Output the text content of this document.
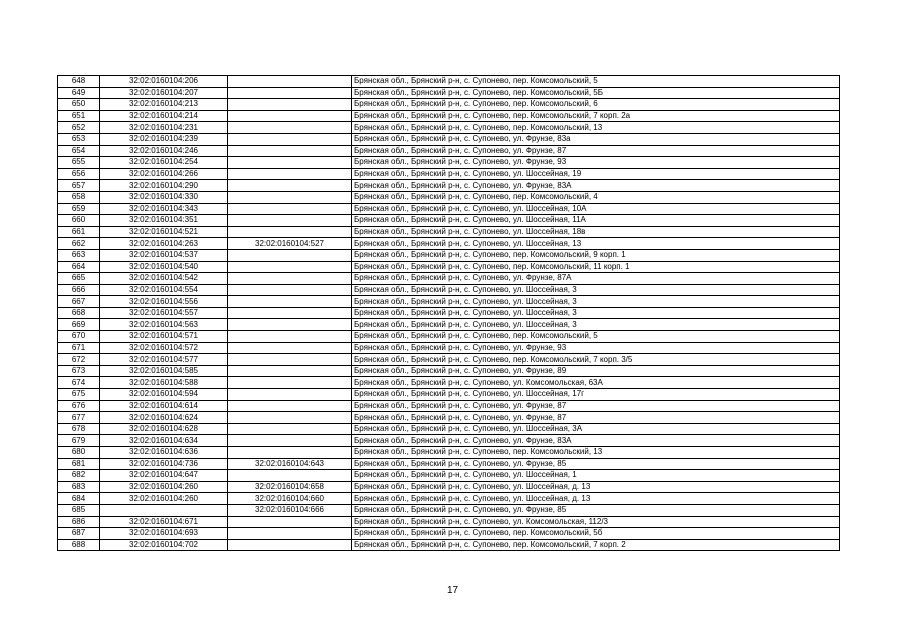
648	32:02:0160104:206		Брянская обл., Брянский р-н, с. Супонево, пер. Комсомольский, 5
649	32:02:0160104:207		Брянская обл., Брянский р-н, с. Супонево, пер. Комсомольский, 5Б
650	32:02:0160104:213		Брянская обл., Брянский р-н, с. Супонево, пер. Комсомольский, 6
651	32:02:0160104:214		Брянская обл., Брянский р-н, с. Супонево, пер. Комсомольский, 7 корп. 2а
652	32:02:0160104:231		Брянская обл., Брянский р-н, с. Супонево, пер. Комсомольский, 13
653	32:02:0160104:239		Брянская обл., Брянский р-н, с. Супонево, ул. Фрунзе, 83а
654	32:02:0160104:246		Брянская обл., Брянский р-н, с. Супонево, ул. Фрунзе, 87
655	32:02:0160104:254		Брянская обл., Брянский р-н, с. Супонево, ул. Фрунзе, 93
656	32:02:0160104:266		Брянская обл., Брянский р-н, с. Супонево, ул. Шоссейная, 19
657	32:02:0160104:290		Брянская обл., Брянский р-н, с. Супонево, ул. Фрунзе, 83А
658	32:02:0160104:330		Брянская обл., Брянский р-н, с. Супонево, пер. Комсомольский, 4
659	32:02:0160104:343		Брянская обл., Брянский р-н, с. Супонево, ул. Шоссейная, 10А
660	32:02:0160104:351		Брянская обл., Брянский р-н, с. Супонево, ул. Шоссейная, 11А
661	32:02:0160104:521		Брянская обл., Брянский р-н, с. Супонево, ул. Шоссейная, 18в
662	32:02:0160104:263	32:02:0160104:527	Брянская обл., Брянский р-н, с. Супонево, ул. Шоссейная, 13
663	32:02:0160104:537		Брянская обл., Брянский р-н, с. Супонево, пер. Комсомольский, 9 корп. 1
664	32:02:0160104:540		Брянская обл., Брянский р-н, с. Супонево, пер. Комсомольский, 11 корп. 1
665	32:02:0160104:542		Брянская обл., Брянский р-н, с. Супонево, ул. Фрунзе, 87А
666	32:02:0160104:554		Брянская обл., Брянский р-н, с. Супонево, ул. Шоссейная, 3
667	32:02:0160104:556		Брянская обл., Брянский р-н, с. Супонево, ул. Шоссейная, 3
668	32:02:0160104:557		Брянская обл., Брянский р-н, с. Супонево, ул. Шоссейная, 3
669	32:02:0160104:563		Брянская обл., Брянский р-н, с. Супонево, ул. Шоссейная, 3
670	32:02:0160104:571		Брянская обл., Брянский р-н, с. Супонево, пер. Комсомольский, 5
671	32:02:0160104:572		Брянская обл., Брянский р-н, с. Супонево, ул. Фрунзе, 93
672	32:02:0160104:577		Брянская обл., Брянский р-н, с. Супонево, пер. Комсомольский, 7 корп. 3/5
673	32:02:0160104:585		Брянская обл., Брянский р-н, с. Супонево, ул. Фрунзе, 89
674	32:02:0160104:588		Брянская обл., Брянский р-н, с. Супонево, ул. Комсомольская, 63А
675	32:02:0160104:594		Брянская обл., Брянский р-н, с. Супонево, ул. Шоссейная, 17г
676	32:02:0160104:614		Брянская обл., Брянский р-н, с. Супонево, ул. Фрунзе, 87
677	32:02:0160104:624		Брянская обл., Брянский р-н, с. Супонево, ул. Фрунзе, 87
678	32:02:0160104:628		Брянская обл., Брянский р-н, с. Супонево, ул. Шоссейная, 3А
679	32:02:0160104:634		Брянская обл., Брянский р-н, с. Супонево, ул. Фрунзе, 83А
680	32:02:0160104:636		Брянская обл., Брянский р-н, с. Супонево, пер. Комсомольский, 13
681	32:02:0160104:736	32:02:0160104:643	Брянская обл., Брянский р-н, с. Супонево, ул. Фрунзе, 85
682	32:02:0160104:647		Брянская обл., Брянский р-н, с. Супонево, ул. Шоссейная, 1
683	32:02:0160104:260	32:02:0160104:658	Брянская обл., Брянский р-н, с. Супонево, ул. Шоссейная, д. 13
684	32:02:0160104:260	32:02:0160104:660	Брянская обл., Брянский р-н, с. Супонево, ул. Шоссейная, д. 13
685		32:02:0160104:666	Брянская обл., Брянский р-н, с. Супонево, ул. Фрунзе, 85
686	32:02:0160104:671		Брянская обл., Брянский р-н, с. Супонево, ул. Комсомольская, 112/3
687	32:02:0160104:693		Брянская обл., Брянский р-н, с. Супонево, пер. Комсомольский, 5б
688	32:02:0160104:702		Брянская обл., Брянский р-н, с. Супонево, пер. Комсомольский, 7 корп. 2
17
